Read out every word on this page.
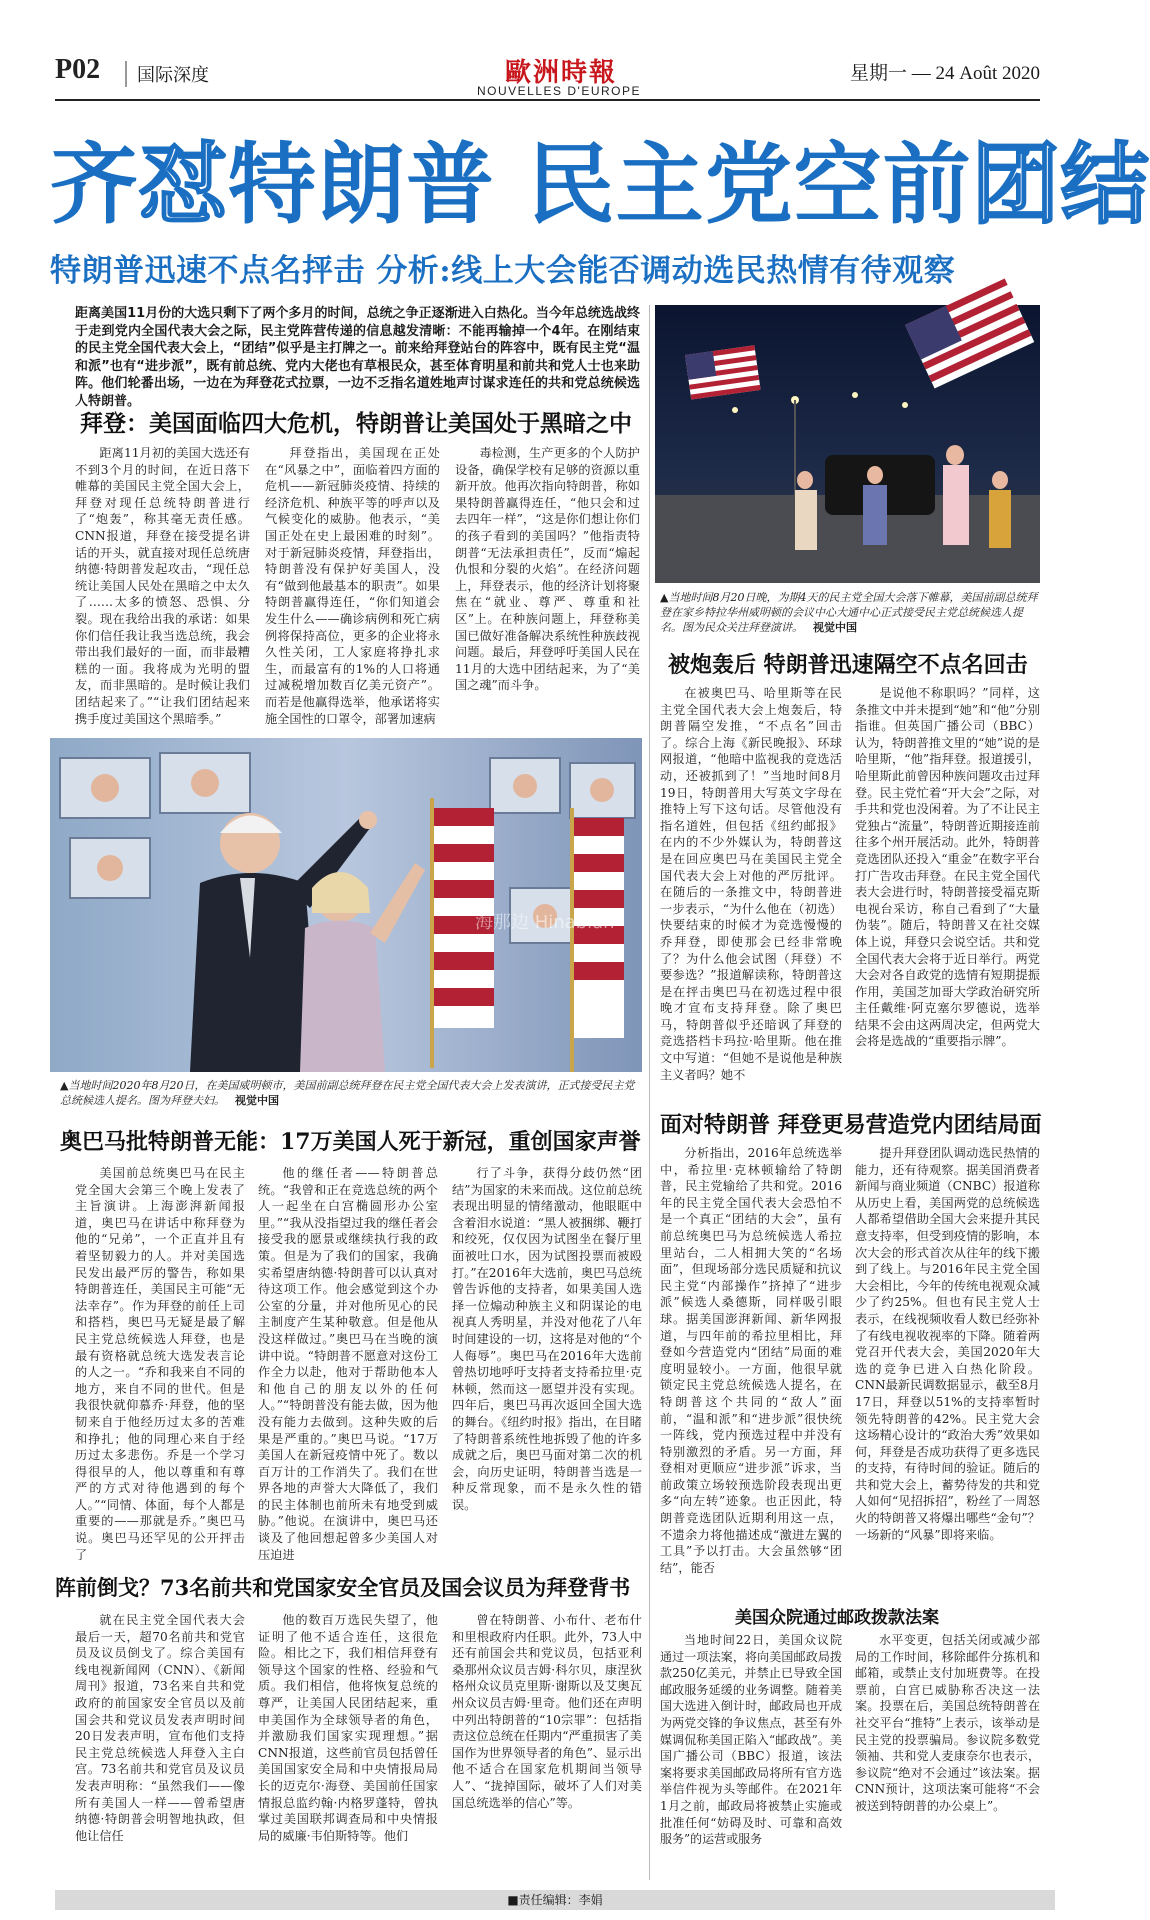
P02	国际深度	歐洲時報
NOUVELLES D'EUROPE
星期一 — 24 Août 2020
齐怼特朗普 民主党空前团结
特朗普迅速不点名抨击 分析:线上大会能否调动选民热情有待观察
距离美国11月份的大选只剩下了两个多月的时间，总统之争正逐渐进入白热化。当今年总统选战终于走到党内全国代表大会之际，民主党阵营传递的信息越发清晰：不能再输掉一个4年。在刚结束的民主党全国代表大会上，“团结”似乎是主打牌之一。前来给拜登站台的阵容中，既有民主党“温和派”也有“进步派”，既有前总统、党内大佬也有草根民众，甚至体育明星和前共和党人士也来助阵。他们轮番出场，一边在为拜登花式拉票，一边不乏指名道姓地声讨谋求连任的共和党总统候选人特朗普。
▲当地时间8月20日晚，为期4天的民主党全国大会落下帷幕，美国前副总统拜登在家乡特拉华州威明顿的会议中心大通中心正式接受民主党总统候选人提名。图为民众关注拜登演讲。 视觉中国
拜登：美国面临四大危机，特朗普让美国处于黑暗之中

距离11月初的美国大选还有不到3个月的时间，在近日落下帷幕的美国民主党全国大会上，拜登对现任总统特朗普进行了“炮轰”，称其毫无责任感。CNN报道，拜登在接受提名讲话的开头，就直接对现任总统唐纳德·特朗普发起攻击，“现任总统让美国人民处在黑暗之中太久了……太多的愤怒、恐惧、分裂。现在我给出我的承诺：如果你们信任我让我当选总统，我会带出我们最好的一面，而非最糟糕的一面。我将成为光明的盟友，而非黑暗的。是时候让我们团结起来了。”“让我们团结起来携手度过美国这个黑暗季。”

拜登指出，美国现在正处在“风暴之中”，面临着四方面的危机——新冠肺炎疫情、持续的经济危机、种族平等的呼声以及气候变化的威胁。他表示，“美国正处在史上最困难的时刻”。对于新冠肺炎疫情，拜登指出，特朗普没有保护好美国人，没有“做到他最基本的职责”。如果特朗普赢得连任，“你们知道会发生什么——确诊病例和死亡病例将保持高位，更多的企业将永久性关闭，工人家庭将挣扎求生，而最富有的1%的人口将通过减税增加数百亿美元资产”。而若是他赢得选举，他承诺将实施全国性的口罩令，部署加速病

毒检测，生产更多的个人防护设备，确保学校有足够的资源以重新开放。他再次指向特朗普，称如果特朗普赢得连任，“他只会和过去四年一样”，“这是你们想让你们的孩子看到的美国吗？”他指责特朗普“无法承担责任”，反而“煽起仇恨和分裂的火焰”。在经济问题上，拜登表示，他的经济计划将聚焦在“就业、尊严、尊重和社区”上。在种族问题上，拜登称美国已做好准备解决系统性种族歧视问题。最后，拜登呼吁美国人民在11月的大选中团结起来，为了“美国之魂”而斗争。

海那边 Hinabian
▲当地时间2020年8月20日，在美国威明顿市，美国前副总统拜登在民主党全国代表大会上发表演讲，正式接受民主党总统候选人提名。图为拜登夫妇。 视觉中国
被炮轰后 特朗普迅速隔空不点名回击

在被奥巴马、哈里斯等在民主党全国代表大会上炮轰后，特朗普隔空发推，“不点名”回击了。综合上海《新民晚报》、环球网报道，“他暗中监视我的竞选活动，还被抓到了！”当地时间8月19日，特朗普用大写英文字母在推特上写下这句话。尽管他没有指名道姓，但包括《纽约邮报》在内的不少外媒认为，特朗普这是在回应奥巴马在美国民主党全国代表大会上对他的严厉批评。在随后的一条推文中，特朗普进一步表示，“为什么他在（初选）快要结束的时候才为竞选慢慢的乔拜登，即使那会已经非常晚了？为什么他会试图（拜登）不要参选？”报道解读称，特朗普这是在抨击奥巴马在初选过程中很晚才宣布支持拜登。除了奥巴马，特朗普似乎还暗讽了拜登的竞选搭档卡玛拉·哈里斯。他在推文中写道：“但她不是说他是种族主义者吗？她不

是说他不称职吗？”同样，这条推文中并未提到“她”和“他”分别指谁。但英国广播公司（BBC）认为，特朗普推文里的“她”说的是哈里斯，“他”指拜登。报道援引，哈里斯此前曾因种族问题攻击过拜登。民主党忙着“开大会”之际，对手共和党也没闲着。为了不让民主党独占“流量”，特朗普近期接连前往多个州开展活动。此外，特朗普竞选团队还投入“重金”在数字平台打广告攻击拜登。在民主党全国代表大会进行时，特朗普接受福克斯电视台采访，称自己看到了“大量伪装”。随后，特朗普又在社交媒体上说，拜登只会说空话。共和党全国代表大会将于近日举行。两党大会对各自政党的选情有短期提振作用，美国芝加哥大学政治研究所主任戴维·阿克塞尔罗德说，选举结果不会由这两周决定，但两党大会将是选战的“重要指示牌”。

奥巴马批特朗普无能：17万美国人死于新冠，重创国家声誉

美国前总统奥巴马在民主党全国大会第三个晚上发表了主旨演讲。上海澎湃新闻报道，奥巴马在讲话中称拜登为他的“兄弟”，一个正直并且有着坚韧毅力的人。并对美国选民发出最严厉的警告，称如果特朗普连任，美国民主可能“无法幸存”。作为拜登的前任上司和搭档，奥巴马无疑是最了解民主党总统候选人拜登，也是最有资格就总统大选发表言论的人之一。“乔和我来自不同的地方，来自不同的世代。但是我很快就仰慕乔·拜登，他的坚韧来自于他经历过太多的苦难和挣扎；他的同理心来自于经历过太多悲伤。乔是一个学习得很早的人，他以尊重和有尊严的方式对待他遇到的每个人。”“同情、体面，每个人都是重要的——那就是乔。”奥巴马说。奥巴马还罕见的公开抨击了

他的继任者——特朗普总统。“我曾和正在竞选总统的两个人一起坐在白宫椭圆形办公室里。”“我从没指望过我的继任者会接受我的愿景或继续执行我的政策。但是为了我们的国家，我确实希望唐纳德·特朗普可以认真对待这项工作。他会感觉到这个办公室的分量，并对他所见心的民主制度产生某种敬意。但是他从没这样做过。”奥巴马在当晚的演讲中说。“特朗普不愿意对这份工作全力以赴，他对于帮助他本人和他自己的朋友以外的任何人。”“特朗普没有能去做，因为他没有能力去做到。这种失败的后果是严重的。”奥巴马说。“17万美国人在新冠疫情中死了。数以百万计的工作消失了。我们在世界各地的声誉大大降低了，我们的民主体制也前所未有地受到威胁。”他说。在演讲中，奥巴马还谈及了他回想起曾多少美国人对压迫进

行了斗争，获得分歧仍然“团结”为国家的未来而战。这位前总统表现出明显的情绪激动，他眼眶中含着泪水说道：“黑人被捆绑、鞭打和绞死，仅仅因为试图坐在餐厅里面被吐口水，因为试图投票而被殴打。”在2016年大选前，奥巴马总统曾告诉他的支持者，如果美国人选择一位煽动种族主义和阴谋论的电视真人秀明星，并没对他花了八年时间建设的一切，这将是对他的“个人侮辱”。奥巴马在2016年大选前曾热切地呼吁支持者支持希拉里·克林顿，然而这一愿望并没有实现。四年后，奥巴马再次返回全国大选的舞台。《纽约时报》指出，在目睹了特朗普系统性地拆毁了他的许多成就之后，奥巴马面对第二次的机会，向历史证明，特朗普当选是一种反常现象，而不是永久性的错误。

面对特朗普 拜登更易营造党内团结局面

分析指出，2016年总统选举中，希拉里·克林顿输给了特朗普，民主党输给了共和党。2016年的民主党全国代表大会恐怕不是一个真正“团结的大会”，虽有前总统奥巴马为总统候选人希拉里站台，二人相拥大笑的“名场面”，但现场部分选民质疑和抗议民主党“内部操作”挤掉了“进步派”候选人桑德斯，同样吸引眼球。据美国澎湃新闻、新华网报道，与四年前的希拉里相比，拜登如今营造党内“团结”局面的难度明显较小。一方面，他很早就锁定民主党总统候选人提名，在特朗普这个共同的“敌人”面前，“温和派”和“进步派”很快统一阵线，党内预选过程中并没有特别激烈的矛盾。另一方面，拜登相对更顺应“进步派”诉求，当前政策立场较预选阶段表现出更多“向左转”迹象。也正因此，特朗普竞选团队近期利用这一点，不遗余力将他描述成“激进左翼的工具”予以打击。大会虽然够“团结”，能否

提升拜登团队调动选民热情的能力，还有待观察。据美国消费者新闻与商业频道（CNBC）报道称从历史上看，美国两党的总统候选人都希望借助全国大会来提升其民意支持率，但受到疫情的影响，本次大会的形式首次从往年的线下搬到了线上。与2016年民主党全国大会相比，今年的传统电视观众减少了约25%。但也有民主党人士表示，在线视频收看人数已经弥补了有线电视收视率的下降。随着两党召开代表大会，美国2020年大选的竞争已进入白热化阶段。CNN最新民调数据显示，截至8月17日，拜登以51%的支持率暂时领先特朗普的42%。民主党大会这场精心设计的“政治大秀”效果如何，拜登是否成功获得了更多选民的支持，有待时间的验证。随后的共和党大会上，蓄势待发的共和党人如何“见招拆招”，粉丝了一周怒火的特朗普又将爆出哪些“金句”？一场新的“风暴”即将来临。

阵前倒戈？73名前共和党国家安全官员及国会议员为拜登背书

就在民主党全国代表大会最后一天，超70名前共和党官员及议员倒戈了。综合美国有线电视新闻网（CNN）、《新闻周刊》报道，73名来自共和党政府的前国家安全官员以及前国会共和党议员发表声明时间20日发表声明，宣布他们支持民主党总统候选人拜登入主白宫。73名前共和党官员及议员发表声明称：“虽然我们——像所有美国人一样——曾希望唐纳德·特朗普会明智地执政，但他让信任

他的数百万选民失望了，他证明了他不适合连任，这很危险。相比之下，我们相信拜登有领导这个国家的性格、经验和气质。我们相信，他将恢复总统的尊严，让美国人民团结起来，重申美国作为全球领导者的角色，并激励我们国家实现理想。”据CNN报道，这些前官员包括曾任美国国家安全局和中央情报局局长的迈克尔·海登、美国前任国家情报总监约翰·内格罗蓬特，曾执掌过美国联邦调查局和中央情报局的威廉·韦伯斯特等。他们

曾在特朗普、小布什、老布什和里根政府内任职。此外，73人中还有前国会共和党议员，包括亚利桑那州众议员吉姆·科尔贝，康涅狄格州众议员克里斯·谢斯以及艾奥瓦州众议员吉姆·里奇。他们还在声明中列出特朗普的“10宗罪”：包括指责这位总统在任期内“严重损害了美国作为世界领导者的角色”、显示出他不适合在国家危机期间当领导人”、“拢掉国际，破坏了人们对美国总统选举的信心”等。

美国众院通过邮政拨款法案

当地时间22日，美国众议院通过一项法案，将向美国邮政局拨款250亿美元，并禁止已导致全国邮政服务延缓的业务调整。随着美国大选进入倒计时，邮政局也开成为两党交锋的争议焦点，甚至有外媒调侃称美国正陷入“邮政战”。美国广播公司（BBC）报道，该法案将要求美国邮政局将所有官方选举信件视为头等邮件。在2021年1月之前，邮政局将被禁止实施或批准任何“妨碍及时、可靠和高效服务”的运营或服务

水平变更，包括关闭或减少部局的工作时间，移除邮件分拣机和邮箱，或禁止支付加班费等。在投票前，白宫已威胁称否决这一法案。投票在后，美国总统特朗普在社交平台“推特”上表示，该举动是民主党的投票骗局。参议院多数党领袖、共和党人麦康奈尔也表示，参议院“绝对不会通过”该法案。据CNN预计，这项法案可能将“不会被送到特朗普的办公桌上”。

■责任编辑：李娟
